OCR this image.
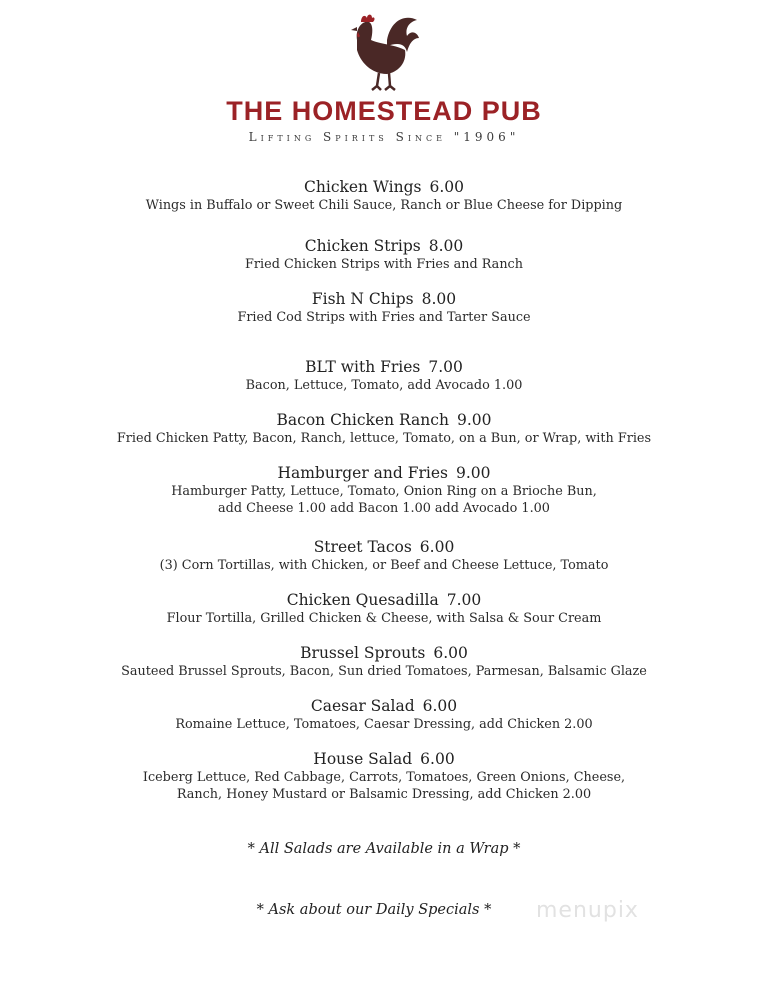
THE HOMESTEAD PUB
Lifting Spirits Since "1906"
Chicken Wings 6.00
Wings in Buffalo or Sweet Chili Sauce, Ranch or Blue Cheese for Dipping
Chicken Strips 8.00
Fried Chicken Strips with Fries and Ranch
Fish N Chips 8.00
Fried Cod Strips with Fries and Tarter Sauce
BLT with Fries 7.00
Bacon, Lettuce, Tomato, add Avocado 1.00
Bacon Chicken Ranch 9.00
Fried Chicken Patty, Bacon, Ranch, lettuce, Tomato, on a Bun, or Wrap, with Fries
Hamburger and Fries 9.00
Hamburger Patty, Lettuce, Tomato, Onion Ring on a Brioche Bun,
add Cheese 1.00 add Bacon 1.00 add Avocado 1.00
Street Tacos 6.00
(3) Corn Tortillas, with Chicken, or Beef and Cheese Lettuce, Tomato
Chicken Quesadilla 7.00
Flour Tortilla, Grilled Chicken & Cheese, with Salsa & Sour Cream
Brussel Sprouts 6.00
Sauteed Brussel Sprouts, Bacon, Sun dried Tomatoes, Parmesan, Balsamic Glaze
Caesar Salad 6.00
Romaine Lettuce, Tomatoes, Caesar Dressing, add Chicken 2.00
House Salad 6.00
Iceberg Lettuce, Red Cabbage, Carrots, Tomatoes, Green Onions, Cheese,
Ranch, Honey Mustard or Balsamic Dressing, add Chicken 2.00
* All Salads are Available in a Wrap *
* Ask about our Daily Specials *	menupix
